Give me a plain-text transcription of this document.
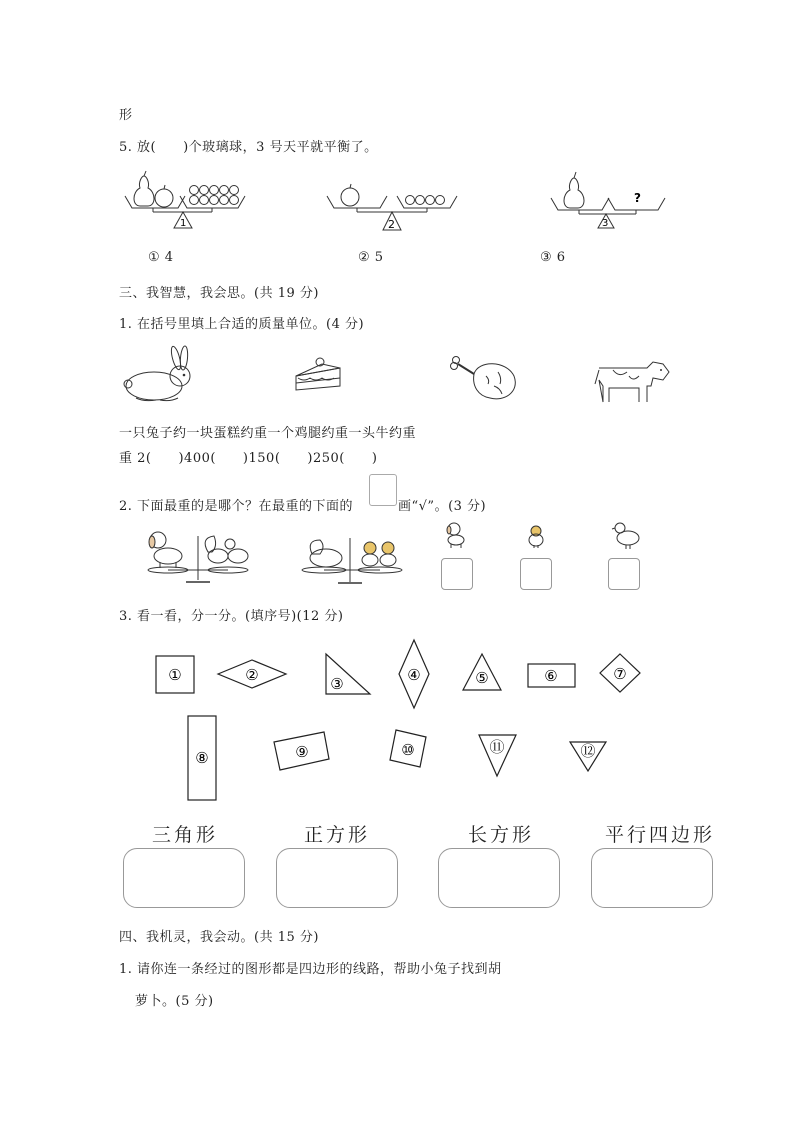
形
5. 放(　　)个玻璃球，3 号天平就平衡了。
1	2
?
3
① 4	② 5	③ 6
三、我智慧，我会思。(共 19 分)
1. 在括号里填上合适的质量单位。(4 分)
一只兔子约一块蛋糕约重一个鸡腿约重一头牛约重
重 2(　　)400(　　)150(　　)250(　　)
2. 下面最重的是哪个？在最重的下面的	画“√”。(3 分)
3. 看一看，分一分。(填序号)(12 分)
①	②	③	④	⑤	⑥	⑦
⑧	⑨	⑩	⑪	⑫
三角形	正方形	长方形	平行四边形
四、我机灵，我会动。(共 15 分)
1. 请你连一条经过的图形都是四边形的线路，帮助小兔子找到胡
萝卜。(5 分)
